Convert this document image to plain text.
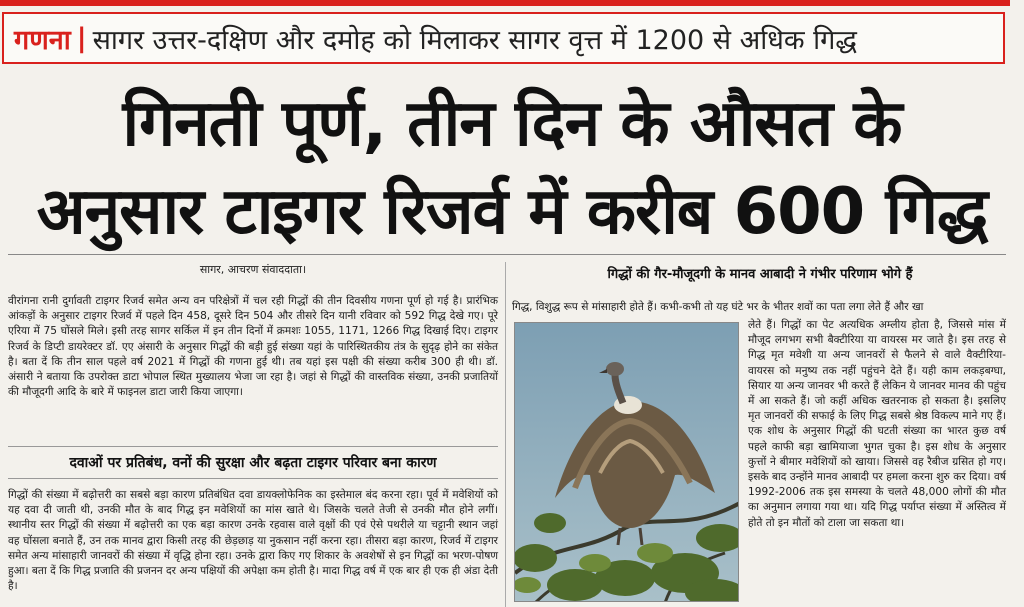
गणना | सागर उत्तर-दक्षिण और दमोह को मिलाकर सागर वृत्त में 1200 से अधिक गिद्ध
गिनती पूर्ण, तीन दिन के औसत के
अनुसार टाइगर रिजर्व में करीब 600 गिद्ध
सागर, आचरण संवाददाता।
वीरांगना रानी दुर्गावती टाइगर रिजर्व समेत अन्य वन परिक्षेत्रों में चल रही गिद्धों की तीन दिवसीय गणना पूर्ण हो गई है। प्रारंभिक आंकड़ों के अनुसार टाइगर रिजर्व में पहले दिन 458, दूसरे दिन 504 और तीसरे दिन यानी रविवार को 592 गिद्ध देखे गए। पूरे एरिया में 75 घोंसले मिले। इसी तरह सागर सर्किल में इन तीन दिनों में क्रमशः 1055, 1171, 1266 गिद्ध दिखाई दिए। टाइगर रिजर्व के डिप्टी डायरेक्टर डॉ. एए अंसारी के अनुसार गिद्धों की बड़ी हुई संख्या यहां के पारिस्थितकीय तंत्र के सुदृढ़ होने का संकेत है। बता दें कि तीन साल पहले वर्ष 2021 में गिद्धों की गणना हुई थी। तब यहां इस पक्षी की संख्या करीब 300 ही थी। डॉ. अंसारी ने बताया कि उपरोक्त डाटा भोपाल स्थित मुख्यालय भेजा जा रहा है। जहां से गिद्धों की वास्तविक संख्या, उनकी प्रजातियों की मौजूदगी आदि के बारे में फाइनल डाटा जारी किया जाएगा।
दवाओं पर प्रतिबंध, वनों की सुरक्षा और बढ़ता टाइगर परिवार बना कारण
गिद्धों की संख्या में बढ़ोत्तरी का सबसे बड़ा कारण प्रतिबंधित दवा डायक्लोफेनिक का इस्तेमाल बंद करना रहा। पूर्व में मवेशियों को यह दवा दी जाती थी, उनकी मौत के बाद गिद्ध इन मवेशियों का मांस खाते थे। जिसके चलते तेजी से उनकी मौत होने लगीं। स्थानीय स्तर गिद्धों की संख्या में बढ़ोत्तरी का एक बड़ा कारण उनके रहवास वाले वृक्षों की एवं ऐसे पथरीले या चट्टानी स्थान जहां वह घोंसला बनाते हैं, उन तक मानव द्वारा किसी तरह की छेड़छाड़ या नुकसान नहीं करना रहा। तीसरा बड़ा कारण, रिजर्व में टाइगर समेत अन्य मांसाहारी जानवरों की संख्या में वृद्धि होना रहा। उनके द्वारा किए गए शिकार के अवशेषों से इन गिद्धों का भरण-पोषण हुआ। बता दें कि गिद्ध प्रजाति की प्रजनन दर अन्य पक्षियों की अपेक्षा कम होती है। मादा गिद्ध वर्ष में एक बार ही एक ही अंडा देती है।
गिद्धों की गैर-मौजूदगी के मानव आबादी ने गंभीर परिणाम भोगे हैं
गिद्ध, विशुद्ध रूप से मांसाहारी होते हैं। कभी-कभी तो यह घंटे भर के भीतर शवों का पता लगा लेते हैं और खा
लेते हैं। गिद्धों का पेट अत्यधिक अम्लीय होता है, जिससे मांस में मौजूद लगभग सभी बैक्टीरिया या वायरस मर जाते है। इस तरह से गिद्ध मृत मवेशी या अन्य जानवरों से फैलने से वाले वैक्टीरिया-वायरस को मनुष्य तक नहीं पहुंचने देते हैं। यही काम लकड़बग्घा, सियार या अन्य जानवर भी करते हैं लेकिन ये जानवर मानव की पहुंच में आ सकते हैं। जो कहीं अधिक खतरनाक हो सकता है। इसलिए मृत जानवरों की सफाई के लिए गिद्ध सबसे श्रेष्ठ विकल्प माने गए हैं। एक शोध के अनुसार गिद्धों की घटती संख्या का भारत कुछ वर्ष पहले काफी बड़ा खामियाजा भुगत चुका है। इस शोध के अनुसार कुत्तों ने बीमार मवेशियों को खाया। जिससे वह रैबीज ग्रसित हो गए। इसके बाद उन्होंने मानव आबादी पर हमला करना शुरु कर दिया। वर्ष 1992-2006 तक इस समस्या के चलते 48,000 लोगों की मौत का अनुमान लगाया गया था। यदि गिद्ध पर्याप्त संख्या में अस्तित्व में होते तो इन मौतों को टाला जा सकता था।
